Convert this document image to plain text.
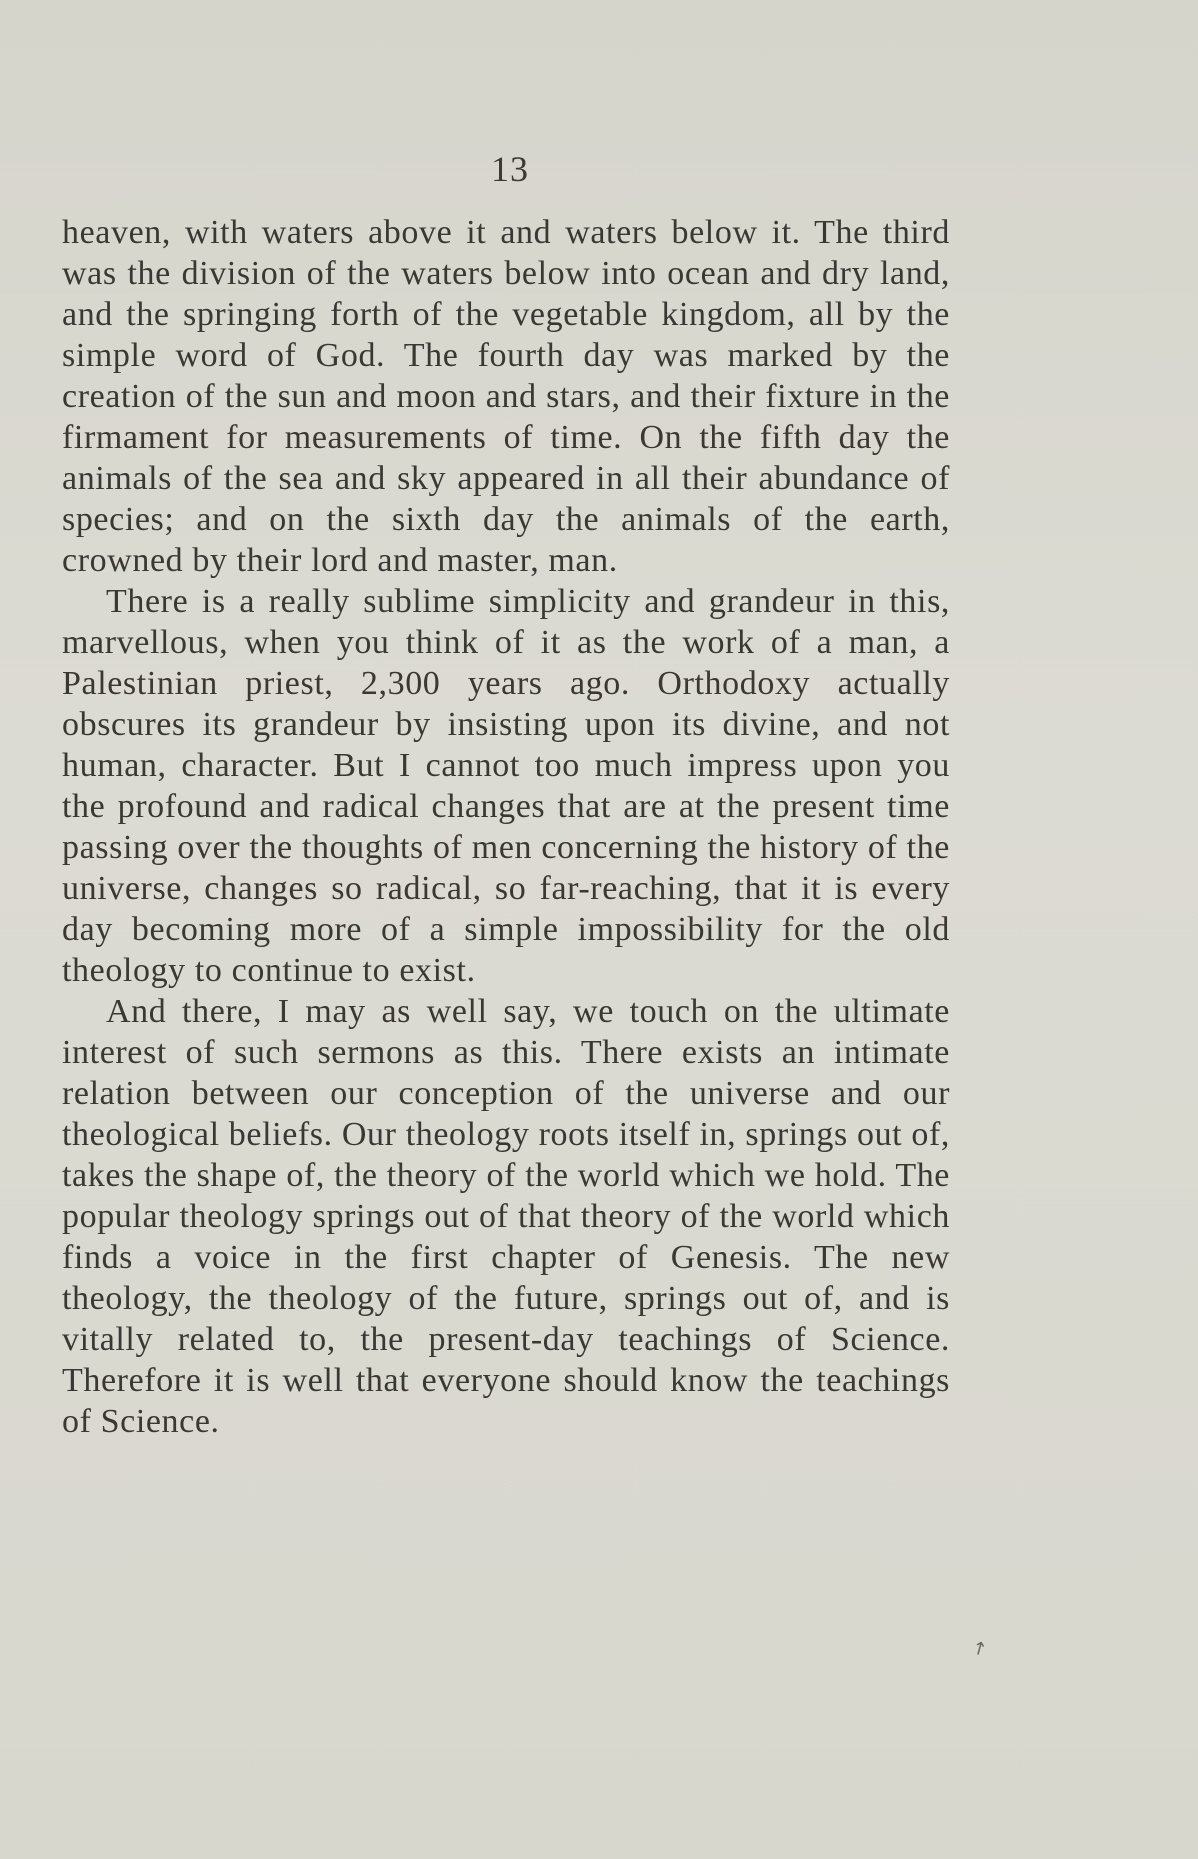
13

heaven, with waters above it and waters below it. The third was the division of the waters below into ocean and dry land, and the springing forth of the vegetable kingdom, all by the simple word of God. The fourth day was marked by the creation of the sun and moon and stars, and their fixture in the firmament for measurements of time. On the fifth day the animals of the sea and sky appeared in all their abundance of species; and on the sixth day the animals of the earth, crowned by their lord and master, man.

There is a really sublime simplicity and grandeur in this, marvellous, when you think of it as the work of a man, a Palestinian priest, 2,300 years ago. Orthodoxy actually obscures its grandeur by insisting upon its divine, and not human, character. But I cannot too much impress upon you the profound and radical changes that are at the present time passing over the thoughts of men concerning the history of the universe, changes so radical, so far-reaching, that it is every day becoming more of a simple impossibility for the old theology to continue to exist.

And there, I may as well say, we touch on the ultimate interest of such sermons as this. There exists an intimate relation between our conception of the universe and our theological beliefs. Our theology roots itself in, springs out of, takes the shape of, the theory of the world which we hold. The popular theology springs out of that theory of the world which finds a voice in the first chapter of Genesis. The new theology, the theology of the future, springs out of, and is vitally related to, the present-day teachings of Science. Therefore it is well that everyone should know the teachings of Science.

↗
